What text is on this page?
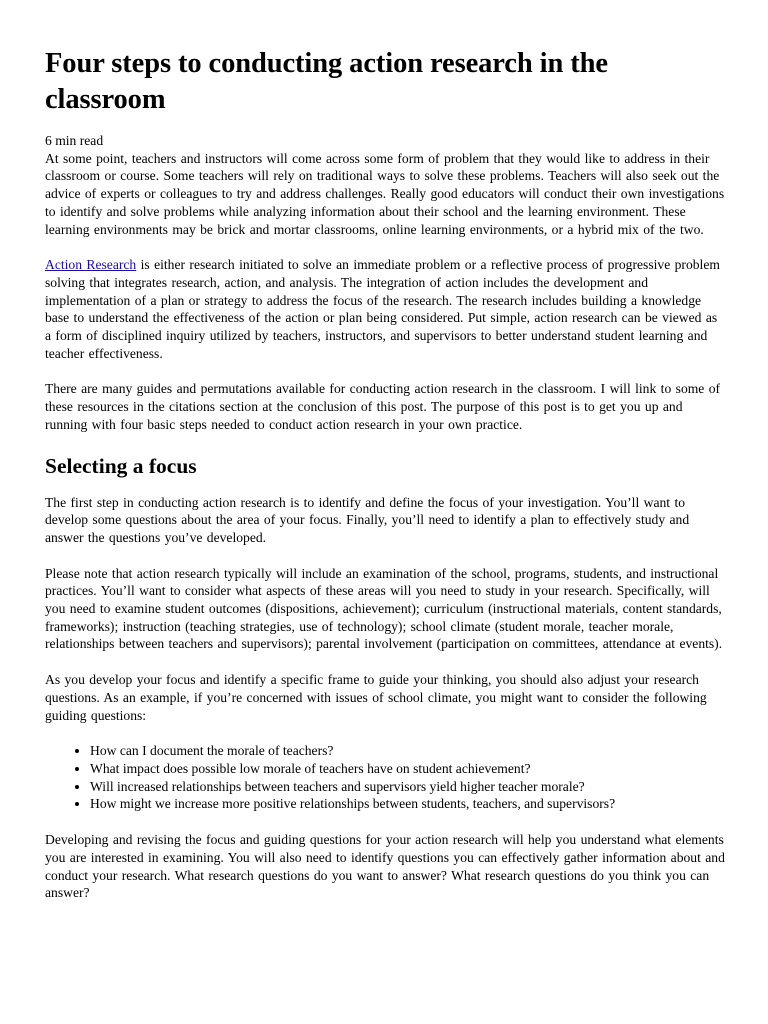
Four steps to conducting action research in the classroom
6 min read

At some point, teachers and instructors will come across some form of problem that they would like to address in their classroom or course. Some teachers will rely on traditional ways to solve these problems. Teachers will also seek out the advice of experts or colleagues to try and address challenges. Really good educators will conduct their own investigations to identify and solve problems while analyzing information about their school and the learning environment. These learning environments may be brick and mortar classrooms, online learning environments, or a hybrid mix of the two.

Action Research is either research initiated to solve an immediate problem or a reflective process of progressive problem solving that integrates research, action, and analysis. The integration of action includes the development and implementation of a plan or strategy to address the focus of the research. The research includes building a knowledge base to understand the effectiveness of the action or plan being considered. Put simple, action research can be viewed as a form of disciplined inquiry utilized by teachers, instructors, and supervisors to better understand student learning and teacher effectiveness.

There are many guides and permutations available for conducting action research in the classroom. I will link to some of these resources in the citations section at the conclusion of this post. The purpose of this post is to get you up and running with four basic steps needed to conduct action research in your own practice.

Selecting a focus

The first step in conducting action research is to identify and define the focus of your investigation. You’ll want to develop some questions about the area of your focus. Finally, you’ll need to identify a plan to effectively study and answer the questions you’ve developed.

Please note that action research typically will include an examination of the school, programs, students, and instructional practices. You’ll want to consider what aspects of these areas will you need to study in your research. Specifically, will you need to examine student outcomes (dispositions, achievement); curriculum (instructional materials, content standards, frameworks); instruction (teaching strategies, use of technology); school climate (student morale, teacher morale, relationships between teachers and supervisors); parental involvement (participation on committees, attendance at events).

As you develop your focus and identify a specific frame to guide your thinking, you should also adjust your research questions. As an example, if you’re concerned with issues of school climate, you might want to consider the following guiding questions:

• How can I document the morale of teachers?
• What impact does possible low morale of teachers have on student achievement?
• Will increased relationships between teachers and supervisors yield higher teacher morale?
• How might we increase more positive relationships between students, teachers, and supervisors?

Developing and revising the focus and guiding questions for your action research will help you understand what elements you are interested in examining. You will also need to identify questions you can effectively gather information about and conduct your research. What research questions do you want to answer? What research questions do you think you can answer?
